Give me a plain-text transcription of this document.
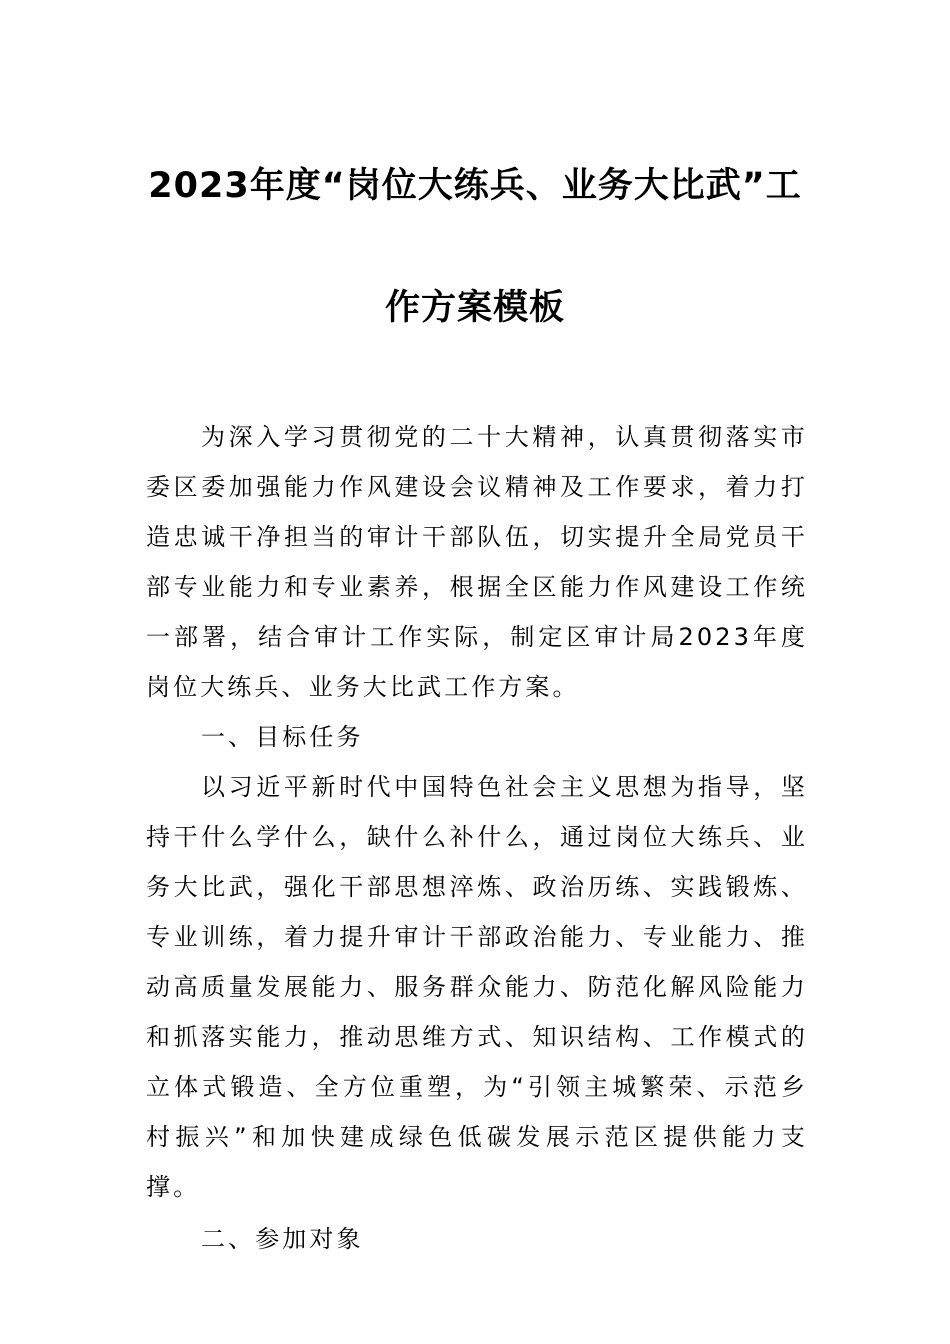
2023年度“岗位大练兵、业务大比武”工
作方案模板

为深入学习贯彻党的二十大精神，认真贯彻落实市委区委加强能力作风建设会议精神及工作要求，着力打造忠诚干净担当的审计干部队伍，切实提升全局党员干部专业能力和专业素养，根据全区能力作风建设工作统一部署，结合审计工作实际，制定区审计局2023年度岗位大练兵、业务大比武工作方案。

一、目标任务

以习近平新时代中国特色社会主义思想为指导，坚持干什么学什么，缺什么补什么，通过岗位大练兵、业务大比武，强化干部思想淬炼、政治历练、实践锻炼、专业训练，着力提升审计干部政治能力、专业能力、推动高质量发展能力、服务群众能力、防范化解风险能力和抓落实能力，推动思维方式、知识结构、工作模式的立体式锻造、全方位重塑，为“引领主城繁荣、示范乡村振兴”和加快建成绿色低碳发展示范区提供能力支撑。

二、参加对象
